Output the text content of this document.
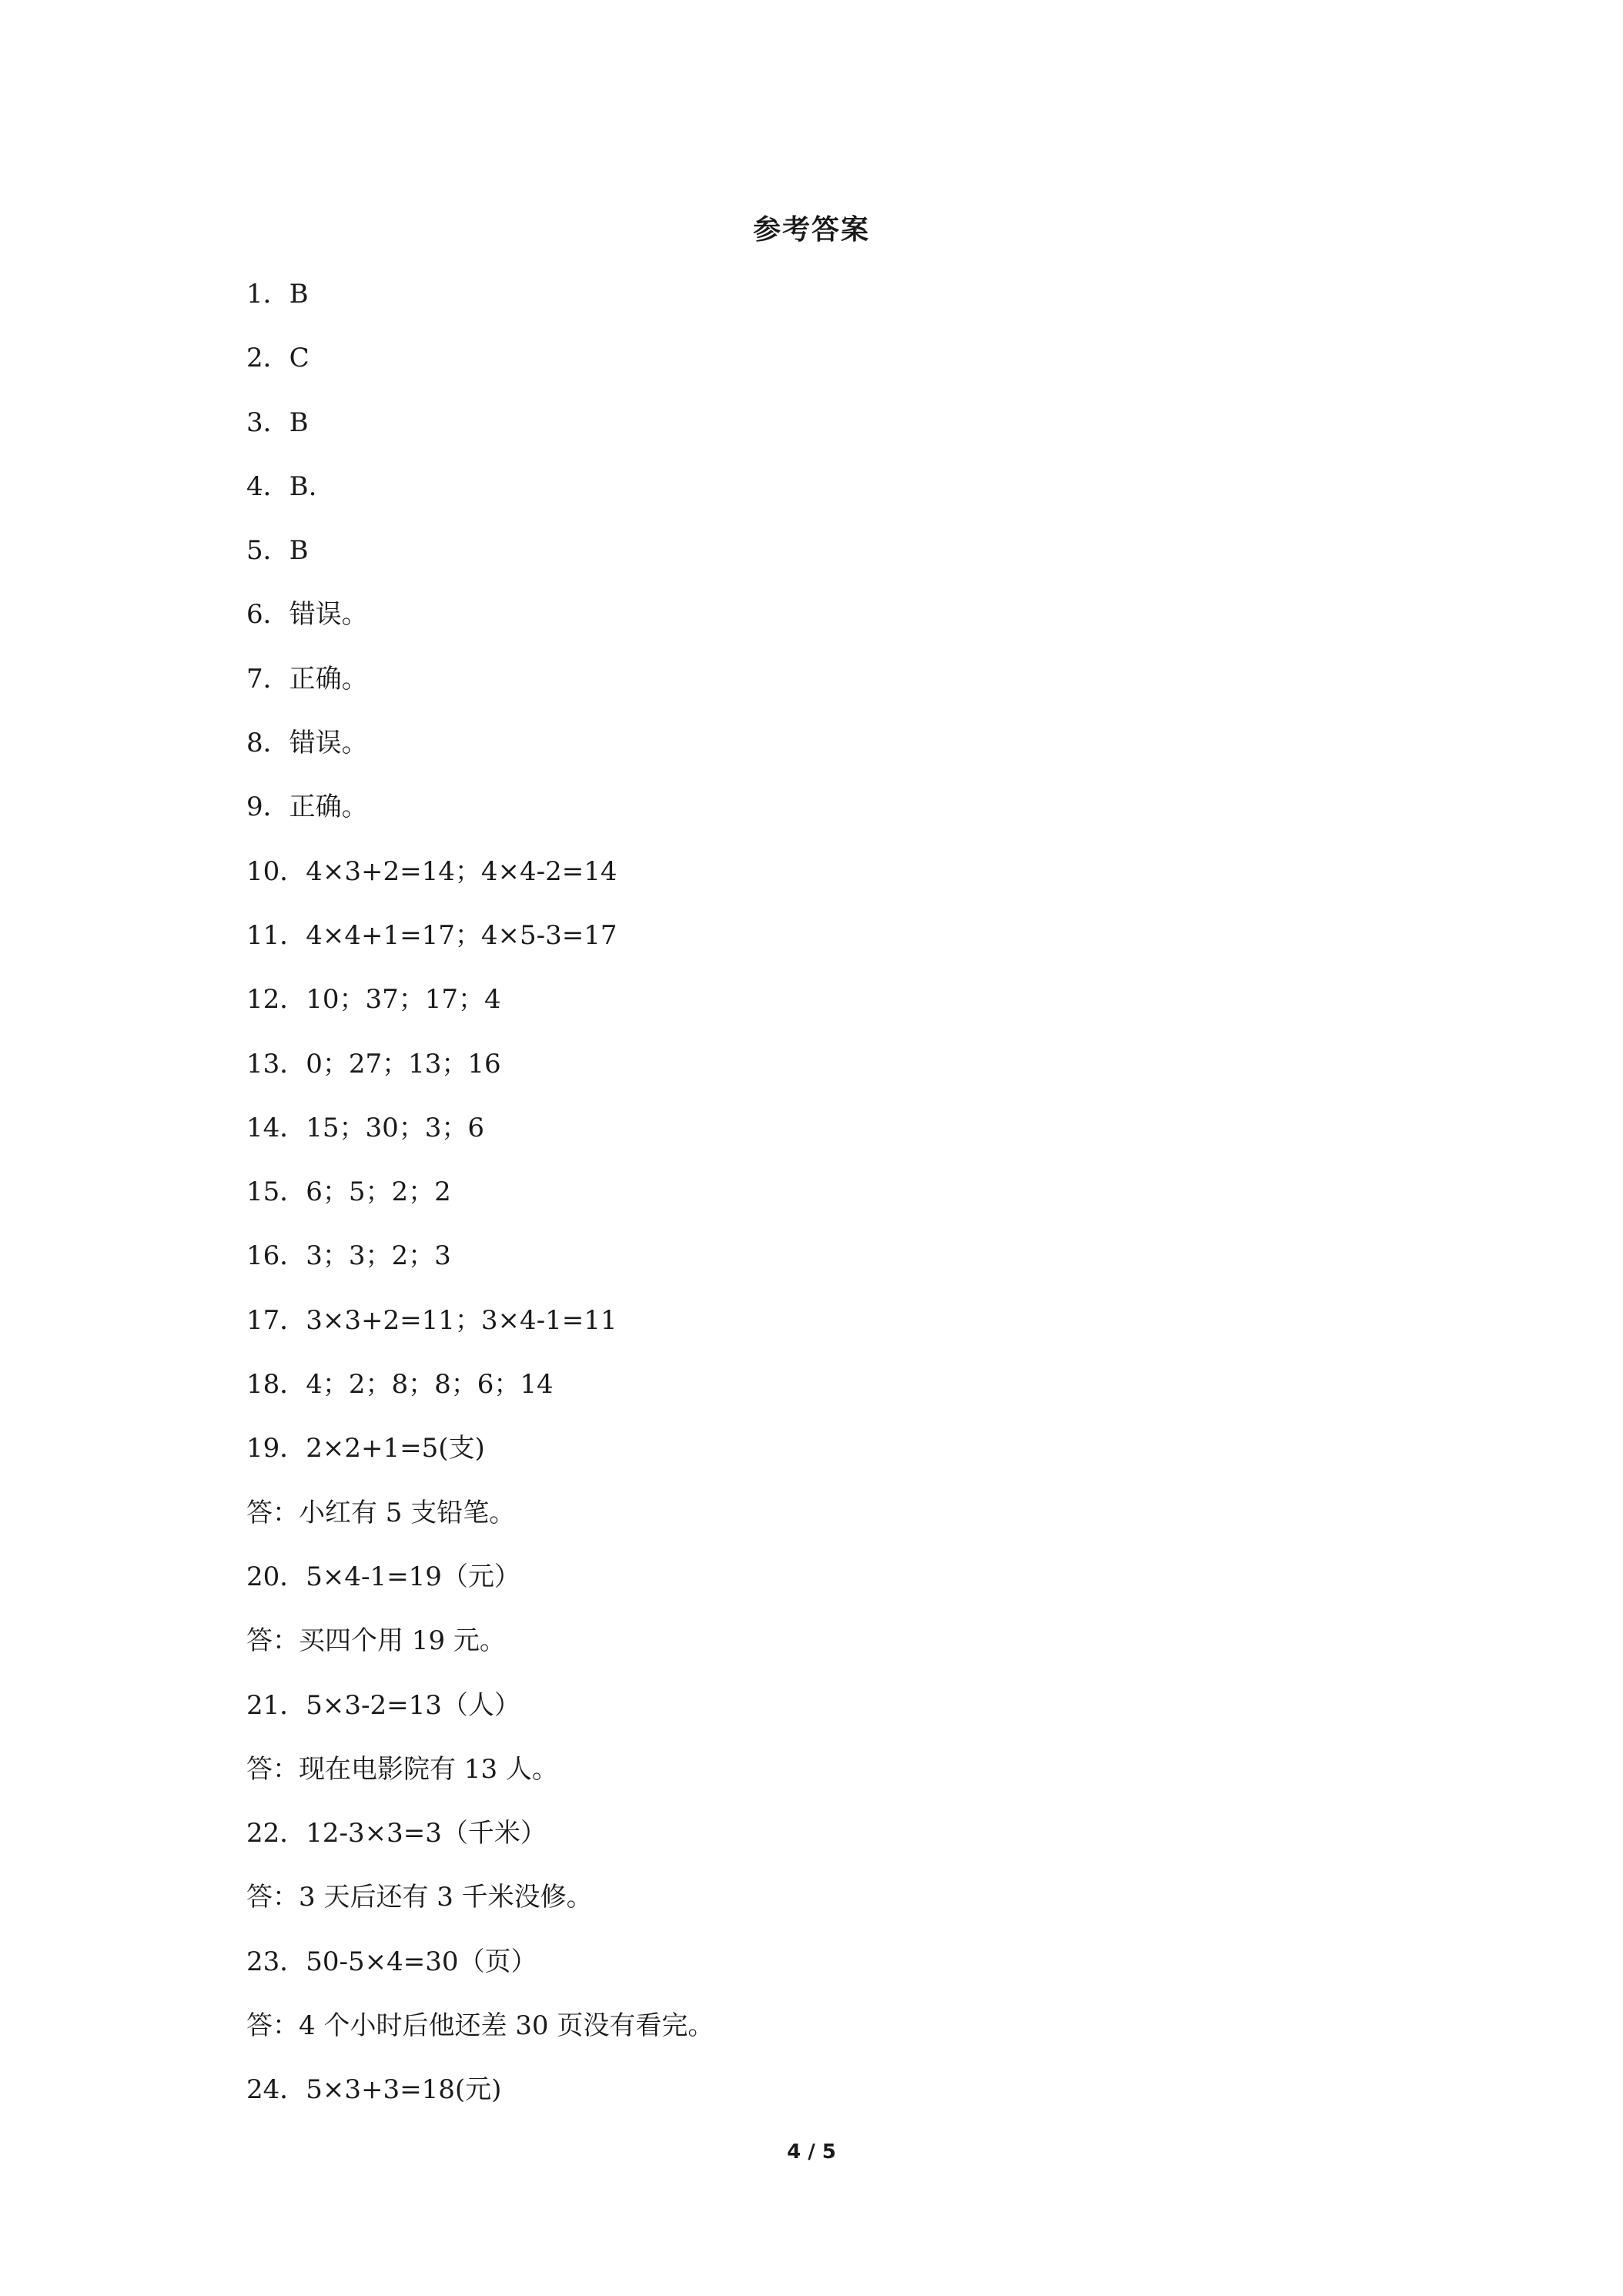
参考答案
1．B
2．C
3．B
4．B.
5．B
6．错误。
7．正确。
8．错误。
9．正确。
10．4×3+2=14；4×4-2=14
11．4×4+1=17；4×5-3=17
12．10；37；17；4
13．0；27；13；16
14．15；30；3；6
15．6；5；2；2
16．3；3；2；3
17．3×3+2=11；3×4-1=11
18．4；2；8；8；6；14
19．2×2+1=5(支)
答：小红有 5 支铅笔。
20．5×4-1=19（元）
答：买四个用 19 元。
21．5×3-2=13（人）
答：现在电影院有 13 人。
22．12-3×3=3（千米）
答：3 天后还有 3 千米没修。
23．50-5×4=30（页）
答：4 个小时后他还差 30 页没有看完。
24．5×3+3=18(元)
4 / 5
